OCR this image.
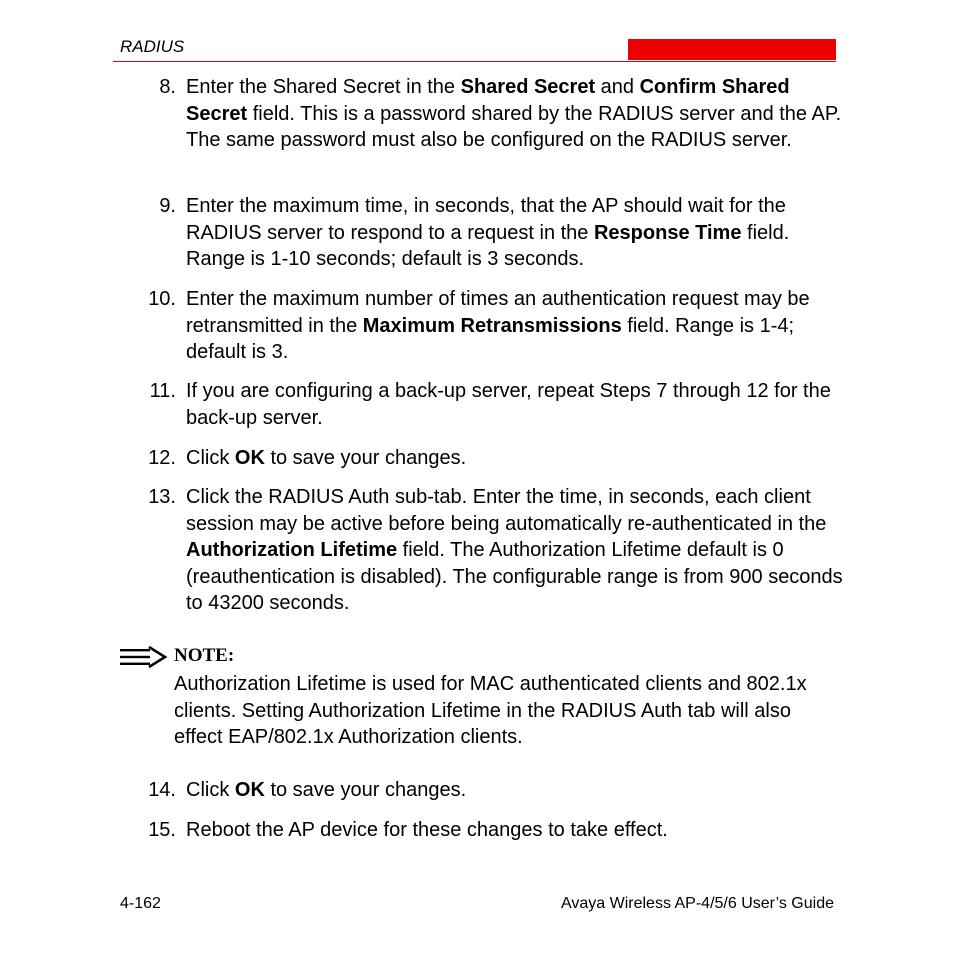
RADIUS
8. Enter the Shared Secret in the Shared Secret and Confirm Shared Secret field. This is a password shared by the RADIUS server and the AP. The same password must also be configured on the RADIUS server.
9. Enter the maximum time, in seconds, that the AP should wait for the RADIUS server to respond to a request in the Response Time field. Range is 1-10 seconds; default is 3 seconds.
10. Enter the maximum number of times an authentication request may be retransmitted in the Maximum Retransmissions field. Range is 1-4; default is 3.
11. If you are configuring a back-up server, repeat Steps 7 through 12 for the back-up server.
12. Click OK to save your changes.
13. Click the RADIUS Auth sub-tab. Enter the time, in seconds, each client session may be active before being automatically re-authenticated in the Authorization Lifetime field. The Authorization Lifetime default is 0 (reauthentication is disabled). The configurable range is from 900 seconds to 43200 seconds.
NOTE:
Authorization Lifetime is used for MAC authenticated clients and 802.1x clients. Setting Authorization Lifetime in the RADIUS Auth tab will also effect EAP/802.1x Authorization clients.
14. Click OK to save your changes.
15. Reboot the AP device for these changes to take effect.
4-162	Avaya Wireless AP-4/5/6 User’s Guide
